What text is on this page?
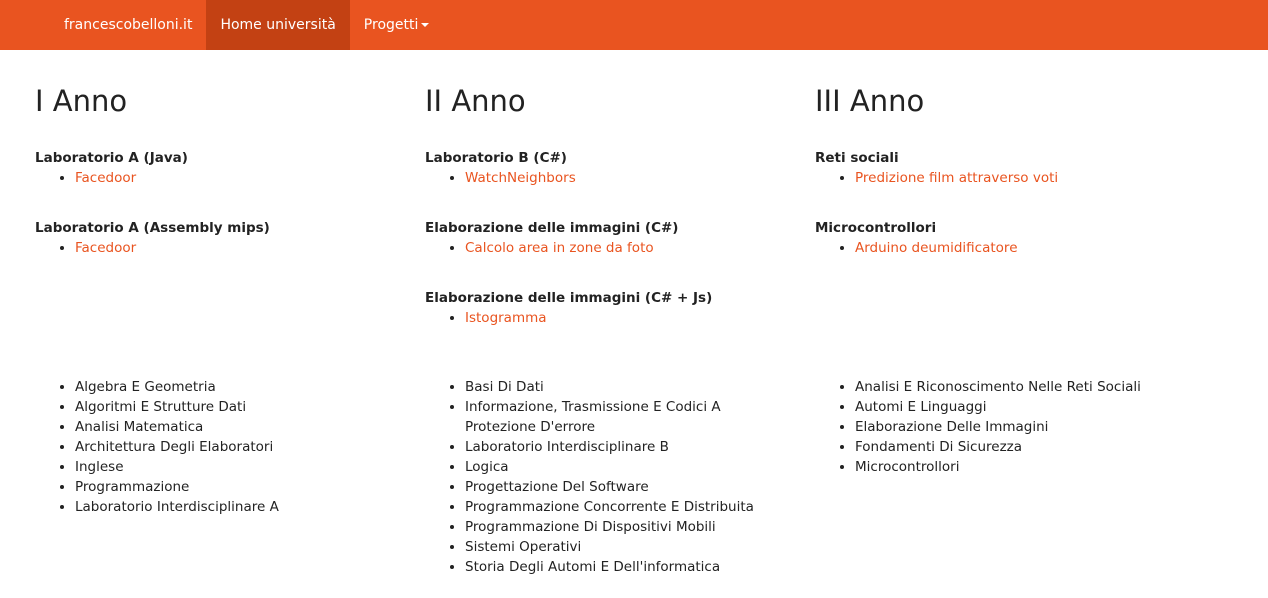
francescobelloni.it	Home università	Progetti
I Anno
Laboratorio A (Java)
• Facedoor
Laboratorio A (Assembly mips)
• Facedoor
• Algebra E Geometria
• Algoritmi E Strutture Dati
• Analisi Matematica
• Architettura Degli Elaboratori
• Inglese
• Programmazione
• Laboratorio Interdisciplinare A
II Anno
Laboratorio B (C#)
• WatchNeighbors
Elaborazione delle immagini (C#)
• Calcolo area in zone da foto
Elaborazione delle immagini (C# + Js)
• Istogramma
• Basi Di Dati
• Informazione, Trasmissione E Codici A Protezione D'errore
• Laboratorio Interdisciplinare B
• Logica
• Progettazione Del Software
• Programmazione Concorrente E Distribuita
• Programmazione Di Dispositivi Mobili
• Sistemi Operativi
• Storia Degli Automi E Dell'informatica
III Anno
Reti sociali
• Predizione film attraverso voti
Microcontrollori
• Arduino deumidificatore
• Analisi E Riconoscimento Nelle Reti Sociali
• Automi E Linguaggi
• Elaborazione Delle Immagini
• Fondamenti Di Sicurezza
• Microcontrollori
